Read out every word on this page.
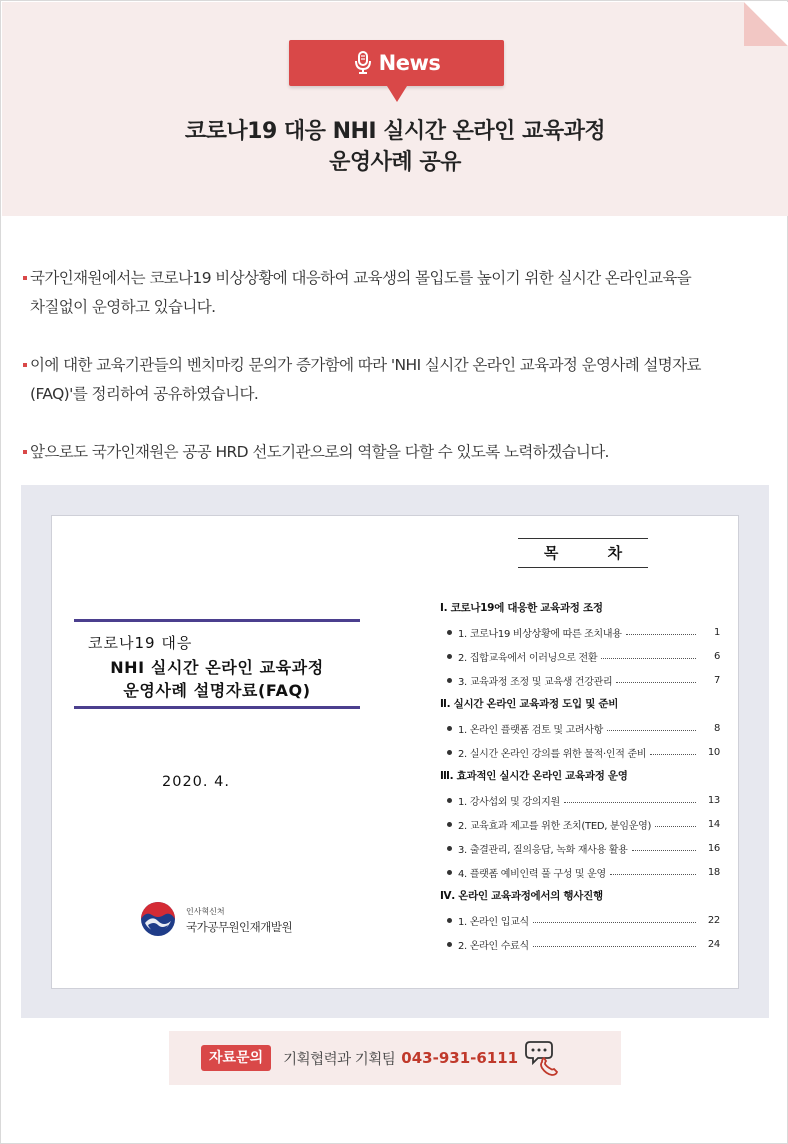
News
코로나19 대응 NHI 실시간 온라인 교육과정
운영사례 공유
국가인재원에서는 코로나19 비상상황에 대응하여 교육생의 몰입도를 높이기 위한 실시간 온라인교육을
차질없이 운영하고 있습니다.
이에 대한 교육기관들의 벤치마킹 문의가 증가함에 따라 'NHI 실시간 온라인 교육과정 운영사례 설명자료
(FAQ)'를 정리하여 공유하였습니다.
앞으로도 국가인재원은 공공 HRD 선도기관으로의 역할을 다할 수 있도록 노력하겠습니다.
코로나19 대응
NHI 실시간 온라인 교육과정
운영사례 설명자료(FAQ)
2020. 4.
인사혁신처
국가공무원인재개발원
목 차
Ⅰ. 코로나19에 대응한 교육과정 조정
1. 코로나19 비상상황에 따른 조치내용	1
2. 집합교육에서 이러닝으로 전환	6
3. 교육과정 조정 및 교육생 건강관리	7
Ⅱ. 실시간 온라인 교육과정 도입 및 준비
1. 온라인 플랫폼 검토 및 고려사항	8
2. 실시간 온라인 강의를 위한 물적·인적 준비	10
Ⅲ. 효과적인 실시간 온라인 교육과정 운영
1. 강사섭외 및 강의지원	13
2. 교육효과 제고를 위한 조치(TED, 분임운영)	14
3. 출결관리, 질의응답, 녹화 재사용 활용	16
4. 플랫폼 예비인력 풀 구성 및 운영	18
Ⅳ. 온라인 교육과정에서의 행사진행
1. 온라인 입교식	22
2. 온라인 수료식	24
자료문의	기획협력과 기획팀 043-931-6111
